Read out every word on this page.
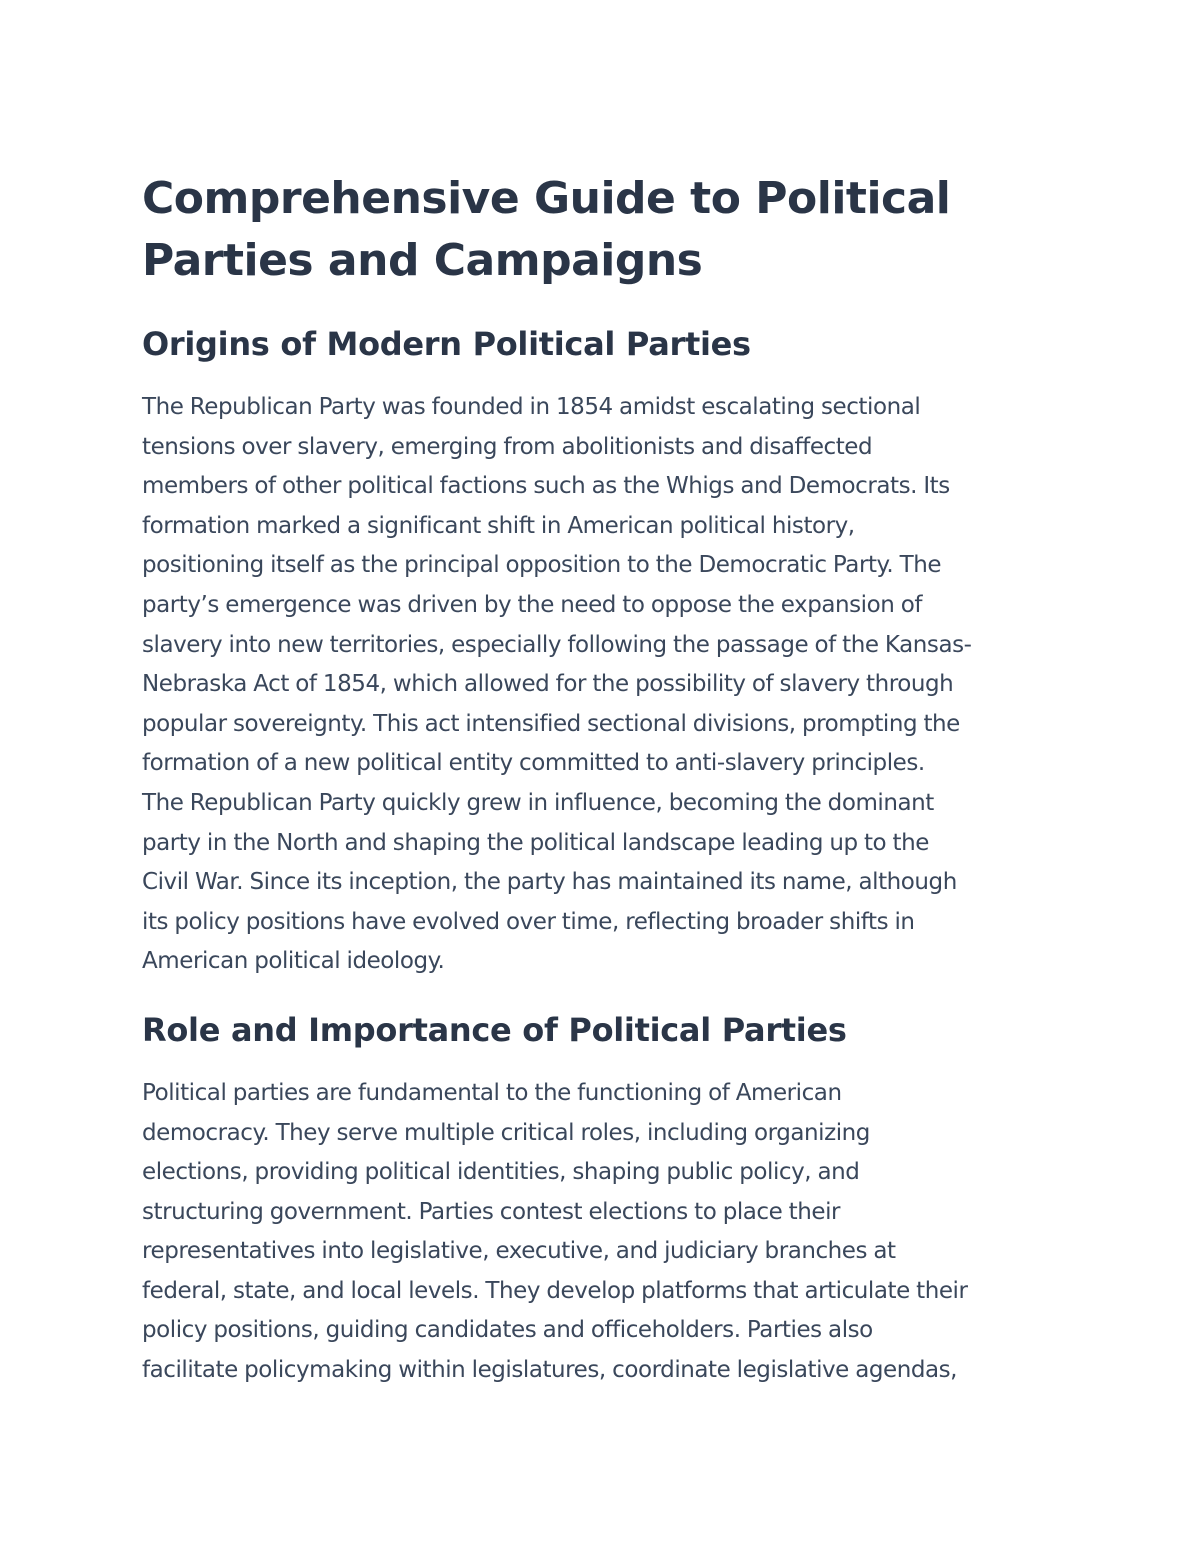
Comprehensive Guide to Political
Parties and Campaigns
Origins of Modern Political Parties

The Republican Party was founded in 1854 amidst escalating sectional
tensions over slavery, emerging from abolitionists and disaffected
members of other political factions such as the Whigs and Democrats. Its
formation marked a significant shift in American political history,
positioning itself as the principal opposition to the Democratic Party. The
party’s emergence was driven by the need to oppose the expansion of
slavery into new territories, especially following the passage of the Kansas-
Nebraska Act of 1854, which allowed for the possibility of slavery through
popular sovereignty. This act intensified sectional divisions, prompting the
formation of a new political entity committed to anti-slavery principles.
The Republican Party quickly grew in influence, becoming the dominant
party in the North and shaping the political landscape leading up to the
Civil War. Since its inception, the party has maintained its name, although
its policy positions have evolved over time, reflecting broader shifts in
American political ideology.

Role and Importance of Political Parties

Political parties are fundamental to the functioning of American
democracy. They serve multiple critical roles, including organizing
elections, providing political identities, shaping public policy, and
structuring government. Parties contest elections to place their
representatives into legislative, executive, and judiciary branches at
federal, state, and local levels. They develop platforms that articulate their
policy positions, guiding candidates and officeholders. Parties also
facilitate policymaking within legislatures, coordinate legislative agendas,
